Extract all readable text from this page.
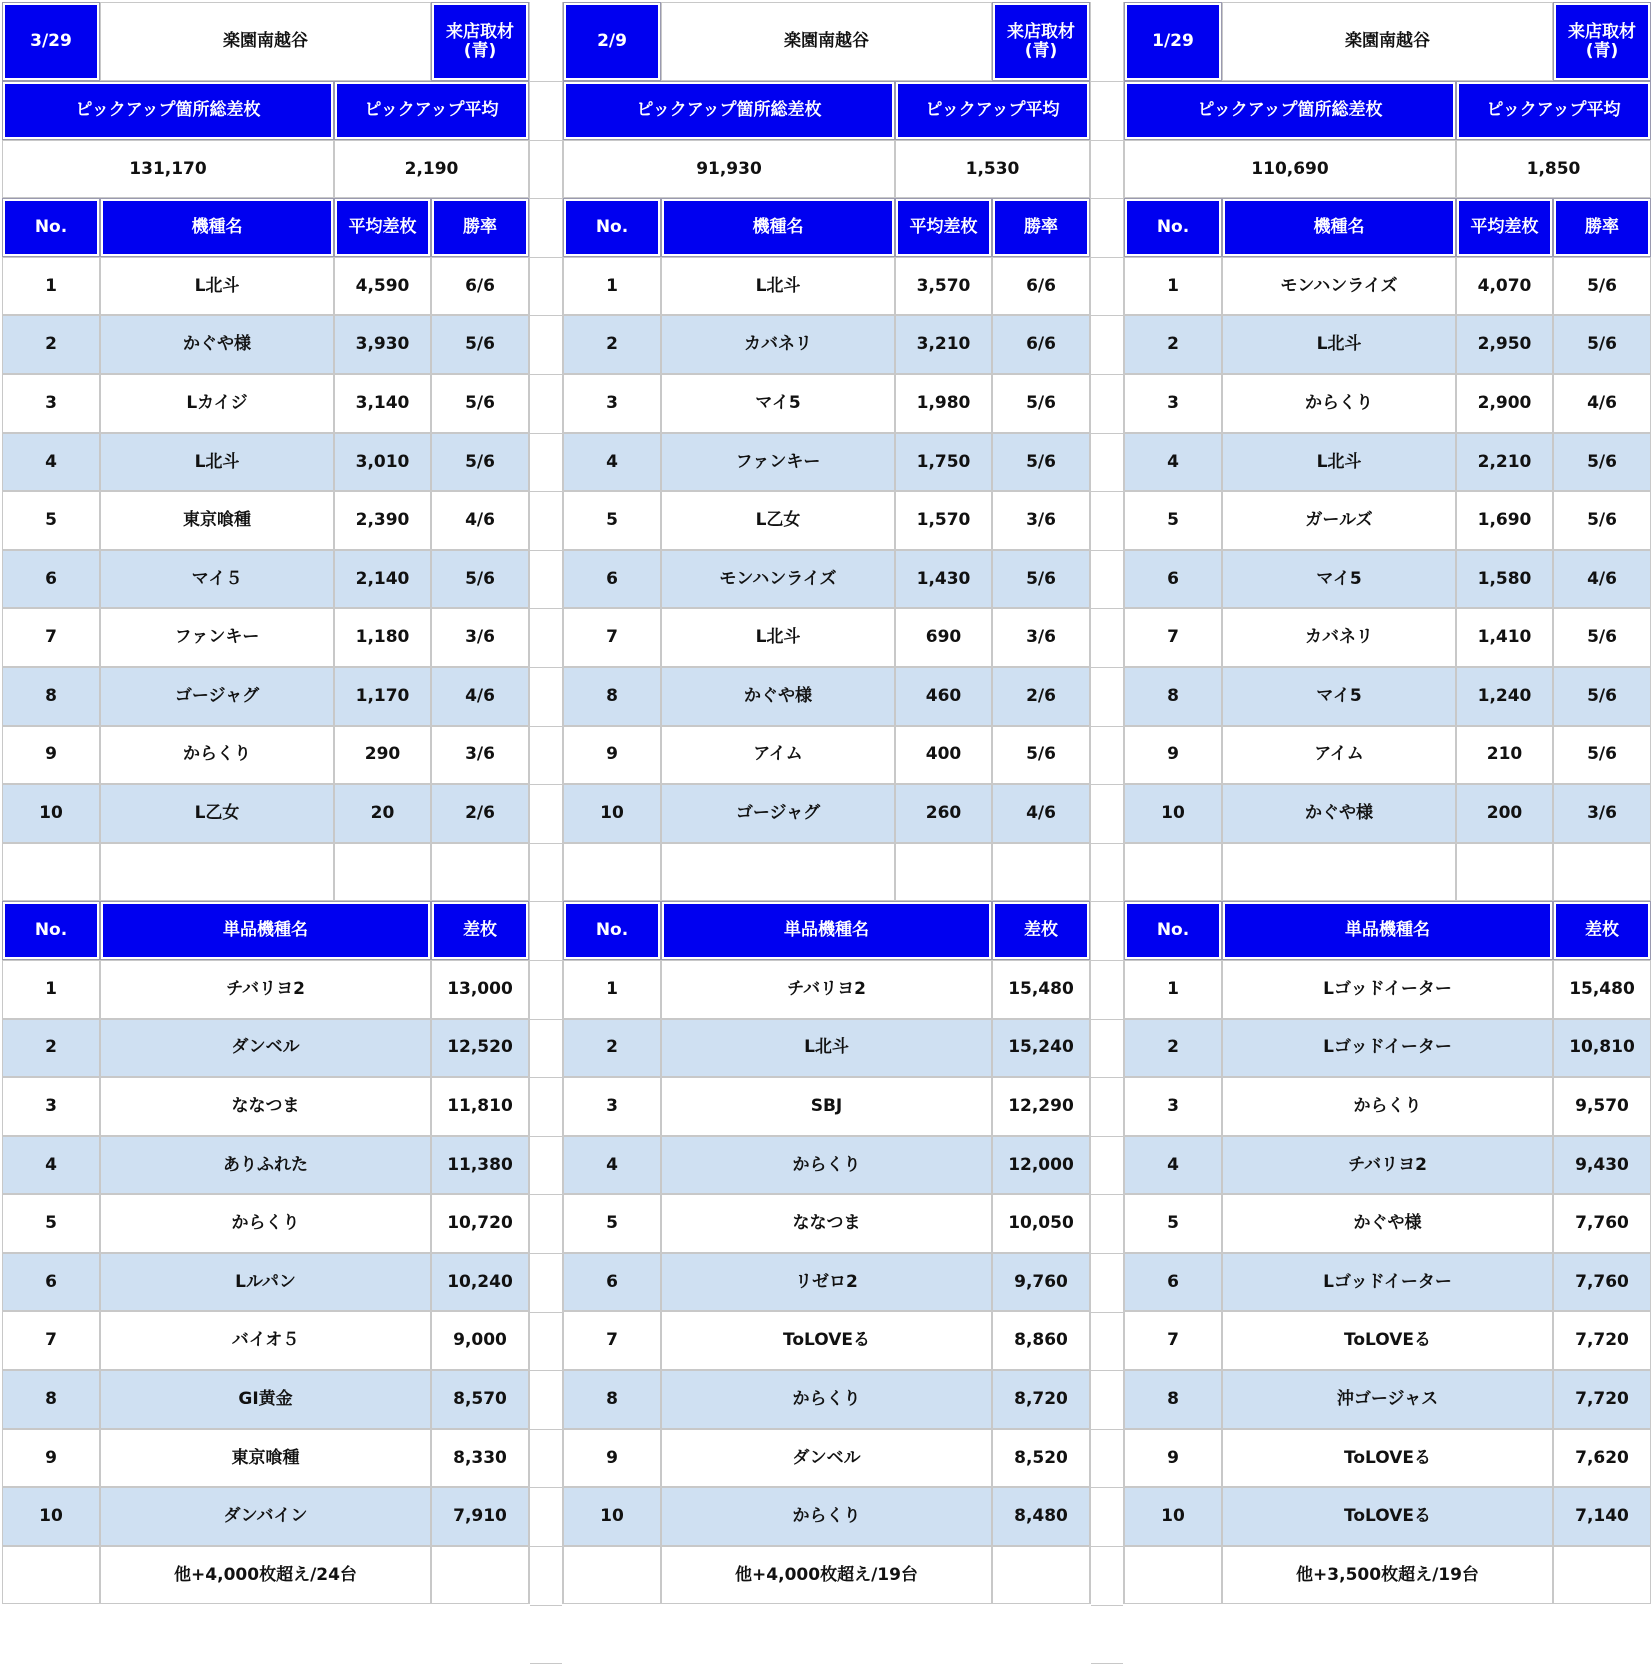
3/29	楽園南越谷	来店取材
(青)
ピックアップ箇所総差枚	ピックアップ平均
131,170	2,190
No.	機種名	平均差枚	勝率
1	L北斗	4,590	6/6
2	かぐや様	3,930	5/6
3	Lカイジ	3,140	5/6
4	L北斗	3,010	5/6
5	東京喰種	2,390	4/6
6	マイ５	2,140	5/6
7	ファンキー	1,180	3/6
8	ゴージャグ	1,170	4/6
9	からくり	290	3/6
10	L乙女	20	2/6
No.	単品機種名	差枚
1	チバリヨ2	13,000
2	ダンベル	12,520
3	ななつま	11,810
4	ありふれた	11,380
5	からくり	10,720
6	Lルパン	10,240
7	バイオ５	9,000
8	GI黄金	8,570
9	東京喰種	8,330
10	ダンバイン	7,910
他+4,000枚超え/24台
2/9	楽園南越谷	来店取材
(青)
ピックアップ箇所総差枚	ピックアップ平均
91,930	1,530
No.	機種名	平均差枚	勝率
1	L北斗	3,570	6/6
2	カバネリ	3,210	6/6
3	マイ5	1,980	5/6
4	ファンキー	1,750	5/6
5	L乙女	1,570	3/6
6	モンハンライズ	1,430	5/6
7	L北斗	690	3/6
8	かぐや様	460	2/6
9	アイム	400	5/6
10	ゴージャグ	260	4/6
No.	単品機種名	差枚
1	チバリヨ2	15,480
2	L北斗	15,240
3	SBJ	12,290
4	からくり	12,000
5	ななつま	10,050
6	リゼロ2	9,760
7	ToLOVEる	8,860
8	からくり	8,720
9	ダンベル	8,520
10	からくり	8,480
他+4,000枚超え/19台
1/29	楽園南越谷	来店取材
(青)
ピックアップ箇所総差枚	ピックアップ平均
110,690	1,850
No.	機種名	平均差枚	勝率
1	モンハンライズ	4,070	5/6
2	L北斗	2,950	5/6
3	からくり	2,900	4/6
4	L北斗	2,210	5/6
5	ガールズ	1,690	5/6
6	マイ5	1,580	4/6
7	カバネリ	1,410	5/6
8	マイ5	1,240	5/6
9	アイム	210	5/6
10	かぐや様	200	3/6
No.	単品機種名	差枚
1	Lゴッドイーター	15,480
2	Lゴッドイーター	10,810
3	からくり	9,570
4	チバリヨ2	9,430
5	かぐや様	7,760
6	Lゴッドイーター	7,760
7	ToLOVEる	7,720
8	沖ゴージャス	7,720
9	ToLOVEる	7,620
10	ToLOVEる	7,140
他+3,500枚超え/19台
